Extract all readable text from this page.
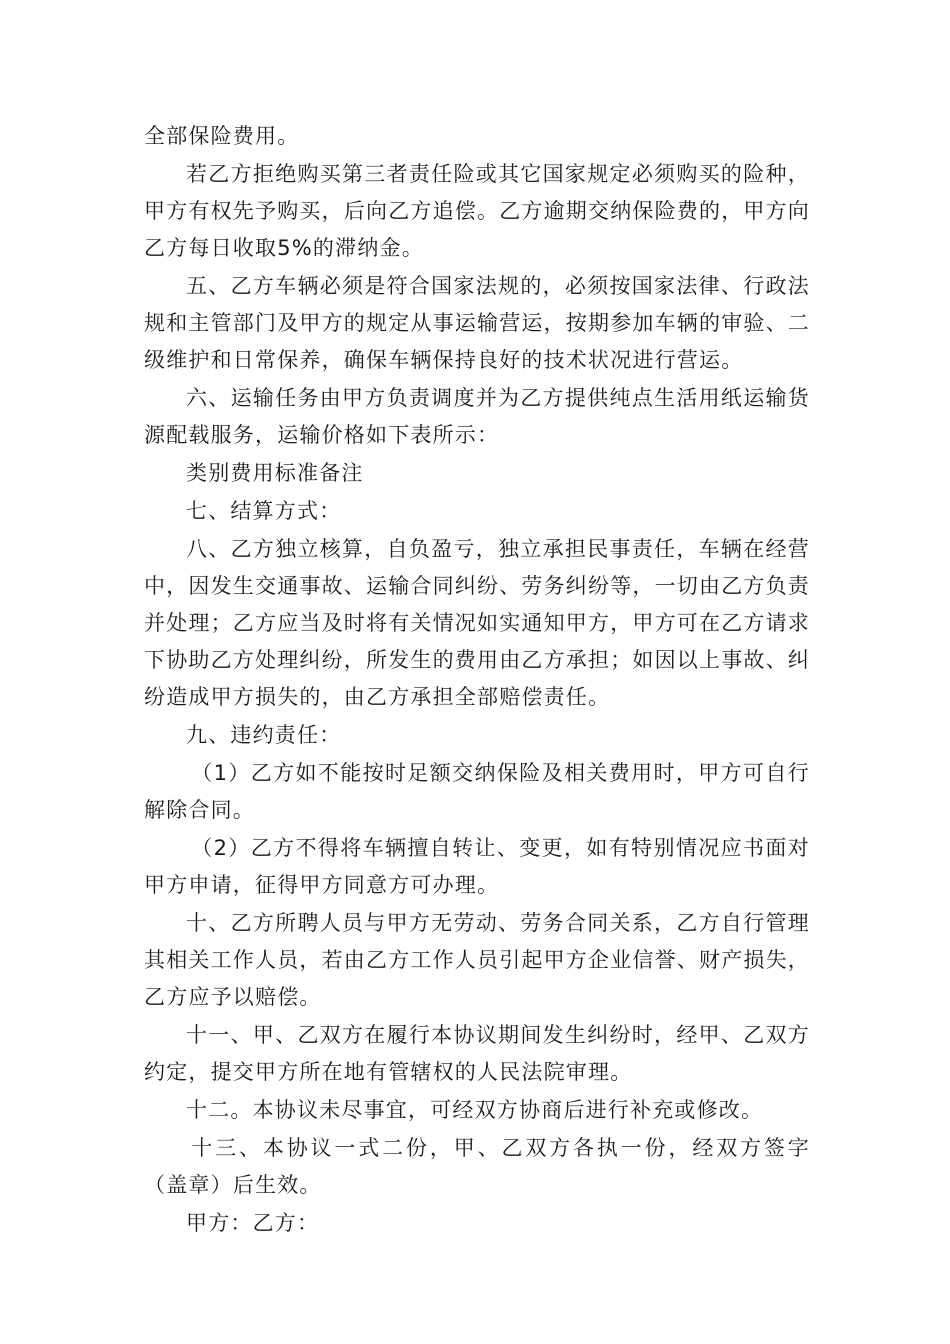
全部保险费用。

若乙方拒绝购买第三者责任险或其它国家规定必须购买的险种，甲方有权先予购买，后向乙方追偿。乙方逾期交纳保险费的，甲方向乙方每日收取5%的滞纳金。

五、乙方车辆必须是符合国家法规的，必须按国家法律、行政法规和主管部门及甲方的规定从事运输营运，按期参加车辆的审验、二级维护和日常保养，确保车辆保持良好的技术状况进行营运。

六、运输任务由甲方负责调度并为乙方提供纯点生活用纸运输货源配载服务，运输价格如下表所示：

类别费用标准备注

七、结算方式：

八、乙方独立核算，自负盈亏，独立承担民事责任，车辆在经营中，因发生交通事故、运输合同纠纷、劳务纠纷等，一切由乙方负责并处理；乙方应当及时将有关情况如实通知甲方，甲方可在乙方请求下协助乙方处理纠纷，所发生的费用由乙方承担；如因以上事故、纠纷造成甲方损失的，由乙方承担全部赔偿责任。

九、违约责任：

（1）乙方如不能按时足额交纳保险及相关费用时，甲方可自行解除合同。

（2）乙方不得将车辆擅自转让、变更，如有特别情况应书面对甲方申请，征得甲方同意方可办理。

十、乙方所聘人员与甲方无劳动、劳务合同关系，乙方自行管理其相关工作人员，若由乙方工作人员引起甲方企业信誉、财产损失，乙方应予以赔偿。

十一、甲、乙双方在履行本协议期间发生纠纷时，经甲、乙双方约定，提交甲方所在地有管辖权的人民法院审理。

十二。本协议未尽事宜，可经双方协商后进行补充或修改。

十三、本协议一式二份，甲、乙双方各执一份，经双方签字（盖章）后生效。

甲方：乙方：
